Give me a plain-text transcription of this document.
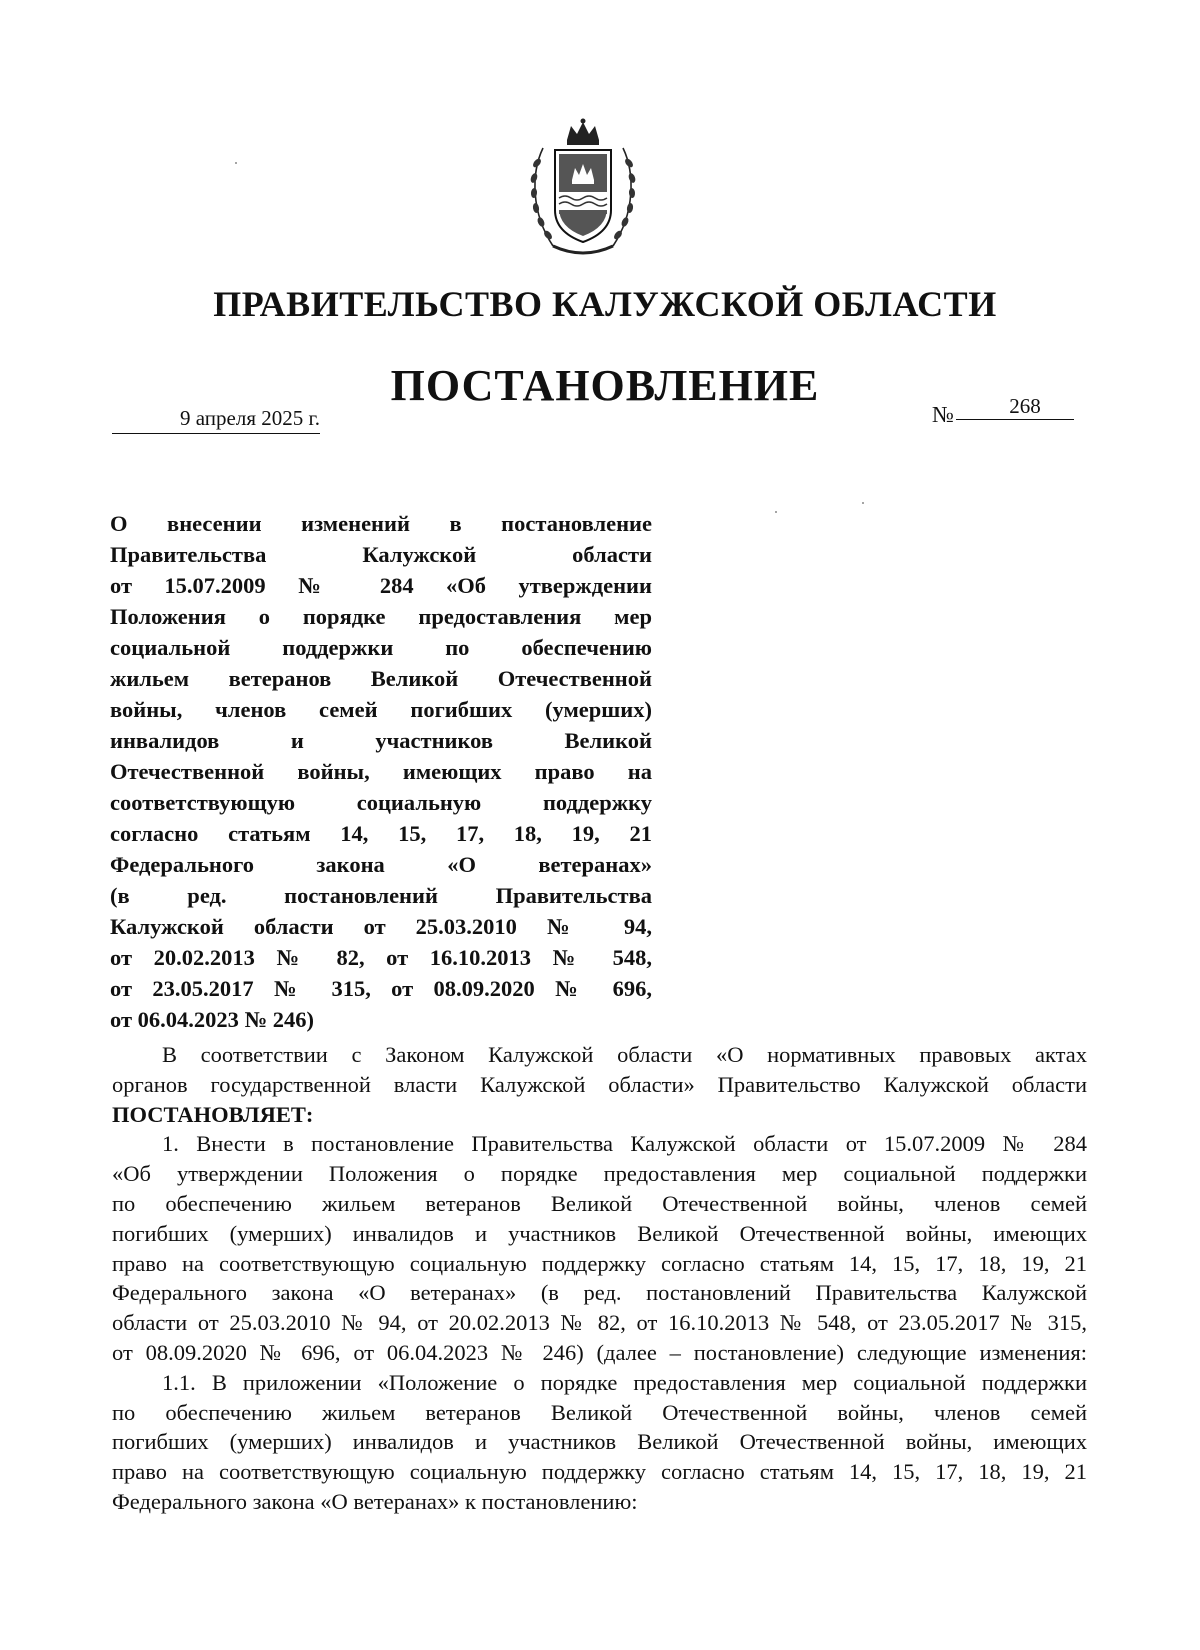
ПРАВИТЕЛЬСТВО КАЛУЖСКОЙ ОБЛАСТИ
ПОСТАНОВЛЕНИЕ
9 апреля 2025 г.	№	268
О внесении изменений в постановление
Правительства Калужской области
от 15.07.2009 № 284 «Об утверждении
Положения о порядке предоставления мер
социальной поддержки по обеспечению
жильем ветеранов Великой Отечественной
войны, членов семей погибших (умерших)
инвалидов и участников Великой
Отечественной войны, имеющих право на
соответствующую социальную поддержку
согласно статьям 14, 15, 17, 18, 19, 21
Федерального закона «О ветеранах»
(в ред. постановлений Правительства
Калужской области от 25.03.2010 № 94,
от 20.02.2013 № 82, от 16.10.2013 № 548,
от 23.05.2017 № 315, от 08.09.2020 № 696,
от 06.04.2023 № 246)
В соответствии с Законом Калужской области «О нормативных правовых актах
органов государственной власти Калужской области» Правительство Калужской области
ПОСТАНОВЛЯЕТ:
1. Внести в постановление Правительства Калужской области от 15.07.2009 № 284
«Об утверждении Положения о порядке предоставления мер социальной поддержки
по обеспечению жильем ветеранов Великой Отечественной войны, членов семей
погибших (умерших) инвалидов и участников Великой Отечественной войны, имеющих
право на соответствующую социальную поддержку согласно статьям 14, 15, 17, 18, 19, 21
Федерального закона «О ветеранах» (в ред. постановлений Правительства Калужской
области от 25.03.2010 № 94, от 20.02.2013 № 82, от 16.10.2013 № 548, от 23.05.2017 № 315,
от 08.09.2020 № 696, от 06.04.2023 № 246) (далее – постановление) следующие изменения:
1.1. В приложении «Положение о порядке предоставления мер социальной поддержки
по обеспечению жильем ветеранов Великой Отечественной войны, членов семей
погибших (умерших) инвалидов и участников Великой Отечественной войны, имеющих
право на соответствующую социальную поддержку согласно статьям 14, 15, 17, 18, 19, 21
Федерального закона «О ветеранах» к постановлению:
